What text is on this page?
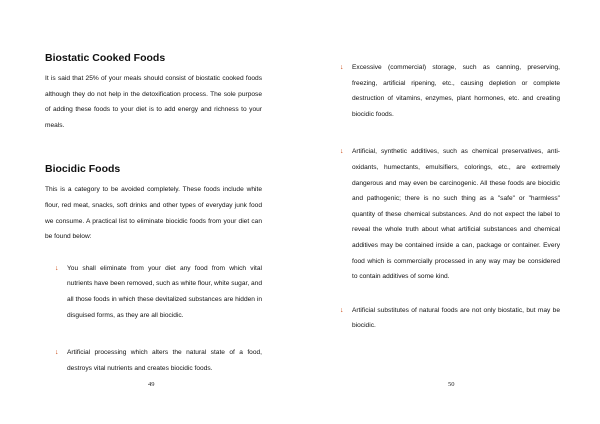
Biostatic Cooked Foods

It is said that 25% of your meals should consist of biostatic cooked foods although they do not help in the detoxification process. The sole purpose of adding these foods to your diet is to add energy and richness to your meals.

Biocidic Foods

This is a category to be avoided completely. These foods include white flour, red meat, snacks, soft drinks and other types of everyday junk food we consume. A practical list to eliminate biocidic foods from your diet can be found below:

↓	You shall eliminate from your diet any food from which vital nutrients have been removed, such as white flour, white sugar, and all those foods in which these devitalized substances are hidden in disguised forms, as they are all biocidic.
↓	Artificial processing which alters the natural state of a food, destroys vital nutrients and creates biocidic foods.
49
↓	Excessive (commercial) storage, such as canning, preserving, freezing, artificial ripening, etc., causing depletion or complete destruction of vitamins, enzymes, plant hormones, etc. and creating biocidic foods.
↓	Artificial, synthetic additives, such as chemical preservatives, anti-oxidants, humectants, emulsifiers, colorings, etc., are extremely dangerous and may even be carcinogenic. All these foods are biocidic and pathogenic; there is no such thing as a "safe" or "harmless" quantity of these chemical substances. And do not expect the label to reveal the whole truth about what artificial substances and chemical additives may be contained inside a can, package or container. Every food which is commercially processed in any way may be considered to contain additives of some kind.
↓	Artificial substitutes of natural foods are not only biostatic, but may be biocidic.
50
